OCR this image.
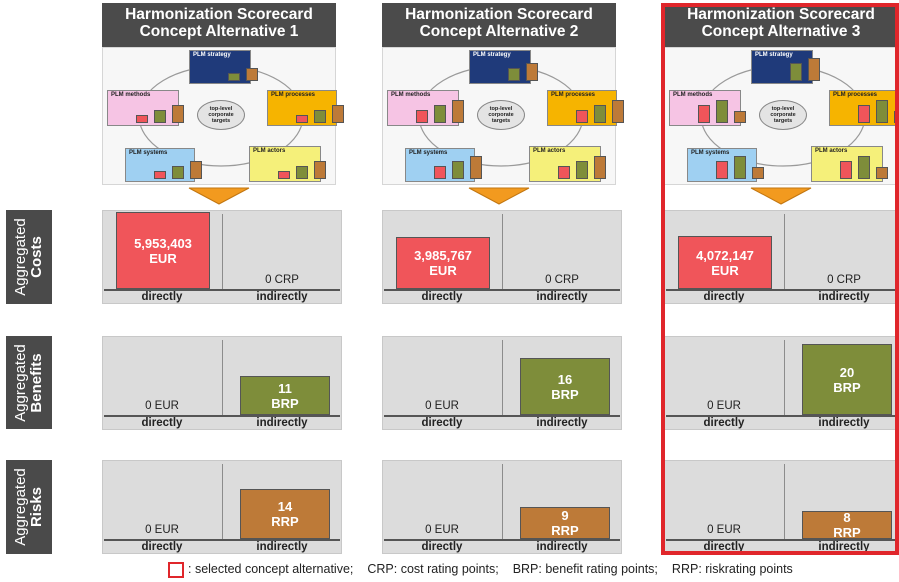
Aggregated Costs
Aggregated Benefits
Aggregated Risks
Harmonization Scorecard
Concept Alternative 1
PLM strategy
PLM methods	PLM processes
PLM systems	PLM actors
top-level corporate targets
directly	indirectly
5,953,403
EUR
0 CRP
directly	indirectly
0 EUR
11
BRP
directly	indirectly
0 EUR
14
RRP
Harmonization Scorecard
Concept Alternative 2
PLM strategy
PLM methods	PLM processes
PLM systems	PLM actors
top-level corporate targets
directly	indirectly
3,985,767
EUR
0 CRP
directly	indirectly
0 EUR
16
BRP
directly	indirectly
0 EUR
9
RRP
Harmonization Scorecard
Concept Alternative 3
PLM strategy
PLM methods	PLM processes
PLM systems	PLM actors
top-level corporate targets
directly	indirectly
4,072,147
EUR
0 CRP
directly	indirectly
0 EUR
20
BRP
directly	indirectly
0 EUR
8
RRP
: selected concept alternative; CRP: cost rating points; BRP: benefit rating points; RRP: riskrating points
